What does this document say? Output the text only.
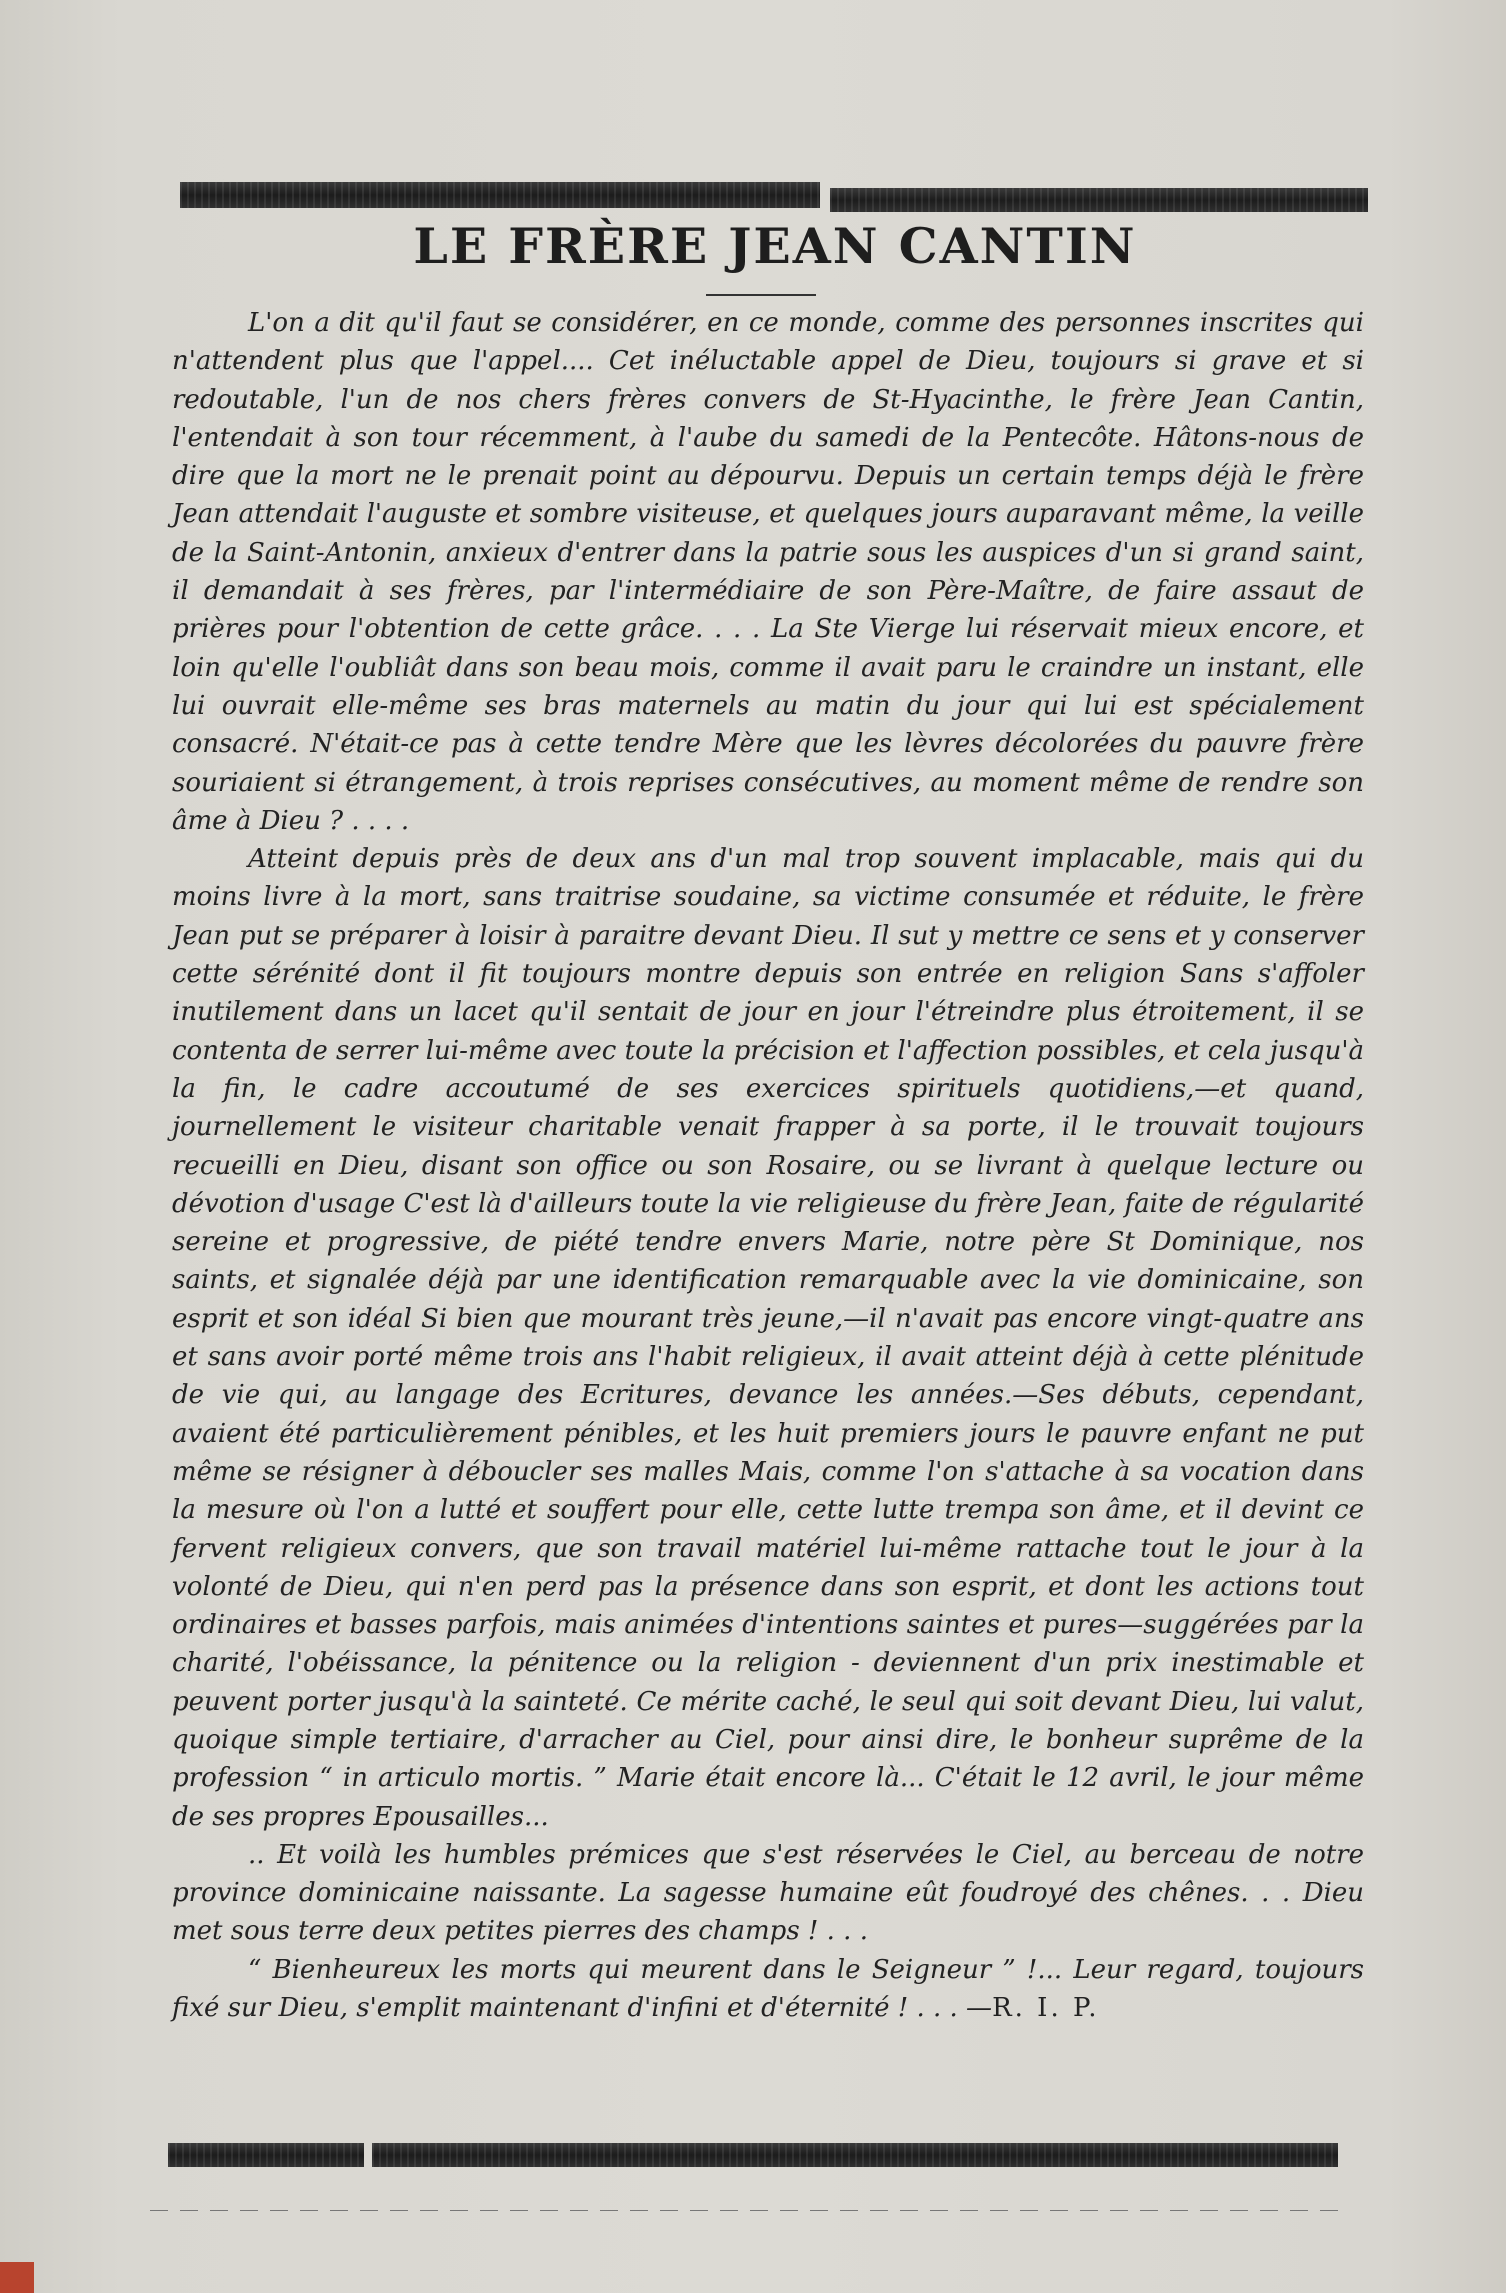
LE FRÈRE JEAN CANTIN

L'on a dit qu'il faut se considérer, en ce monde, comme des personnes inscrites qui n'attendent plus que l'appel.... Cet inéluctable appel de Dieu, toujours si grave et si redoutable, l'un de nos chers frères convers de St-Hyacinthe, le frère Jean Cantin, l'entendait à son tour récemment, à l'aube du samedi de la Pentecôte. Hâtons-nous de dire que la mort ne le prenait point au dépourvu. Depuis un certain temps déjà le frère Jean attendait l'auguste et sombre visiteuse, et quelques jours auparavant même, la veille de la Saint-Antonin, anxieux d'entrer dans la patrie sous les auspices d'un si grand saint, il demandait à ses frères, par l'intermédiaire de son Père-Maître, de faire assaut de prières pour l'obtention de cette grâce. . . . La Ste Vierge lui réservait mieux encore, et loin qu'elle l'oubliât dans son beau mois, comme il avait paru le craindre un instant, elle lui ouvrait elle-même ses bras maternels au matin du jour qui lui est spécialement consacré. N'était-ce pas à cette tendre Mère que les lèvres décolorées du pauvre frère souriaient si étrangement, à trois reprises consécutives, au moment même de rendre son âme à Dieu ? . . . .

Atteint depuis près de deux ans d'un mal trop souvent implacable, mais qui du moins livre à la mort, sans traitrise soudaine, sa victime consumée et réduite, le frère Jean put se préparer à loisir à paraitre devant Dieu. Il sut y mettre ce sens et y conserver cette sérénité dont il fit toujours montre depuis son entrée en religion Sans s'affoler inutilement dans un lacet qu'il sentait de jour en jour l'étreindre plus étroitement, il se contenta de serrer lui-même avec toute la précision et l'affection possibles, et cela jusqu'à la fin, le cadre accoutumé de ses exercices spirituels quotidiens,—et quand, journellement le visiteur charitable venait frapper à sa porte, il le trouvait toujours recueilli en Dieu, disant son office ou son Rosaire, ou se livrant à quelque lecture ou dévotion d'usage C'est là d'ailleurs toute la vie religieuse du frère Jean, faite de régularité sereine et progressive, de piété tendre envers Marie, notre père St Dominique, nos saints, et signalée déjà par une identification remarquable avec la vie dominicaine, son esprit et son idéal Si bien que mourant très jeune,—il n'avait pas encore vingt-quatre ans et sans avoir porté même trois ans l'habit religieux, il avait atteint déjà à cette plénitude de vie qui, au langage des Ecritures, devance les années.—Ses débuts, cependant, avaient été particulièrement pénibles, et les huit premiers jours le pauvre enfant ne put même se résigner à déboucler ses malles Mais, comme l'on s'attache à sa vocation dans la mesure où l'on a lutté et souffert pour elle, cette lutte trempa son âme, et il devint ce fervent religieux convers, que son travail matériel lui-même rattache tout le jour à la volonté de Dieu, qui n'en perd pas la présence dans son esprit, et dont les actions tout ordinaires et basses parfois, mais animées d'intentions saintes et pures—suggérées par la charité, l'obéissance, la pénitence ou la religion - deviennent d'un prix inestimable et peuvent porter jusqu'à la sainteté. Ce mérite caché, le seul qui soit devant Dieu, lui valut, quoique simple tertiaire, d'arracher au Ciel, pour ainsi dire, le bonheur suprême de la profession “ in articulo mortis. ” Marie était encore là... C'était le 12 avril, le jour même de ses propres Epousailles...

.. Et voilà les humbles prémices que s'est réservées le Ciel, au berceau de notre province dominicaine naissante. La sagesse humaine eût foudroyé des chênes. . . Dieu met sous terre deux petites pierres des champs ! . . .

“ Bienheureux les morts qui meurent dans le Seigneur ” !... Leur regard, toujours fixé sur Dieu, s'emplit maintenant d'infini et d'éternité ! . . . —R. I. P.
